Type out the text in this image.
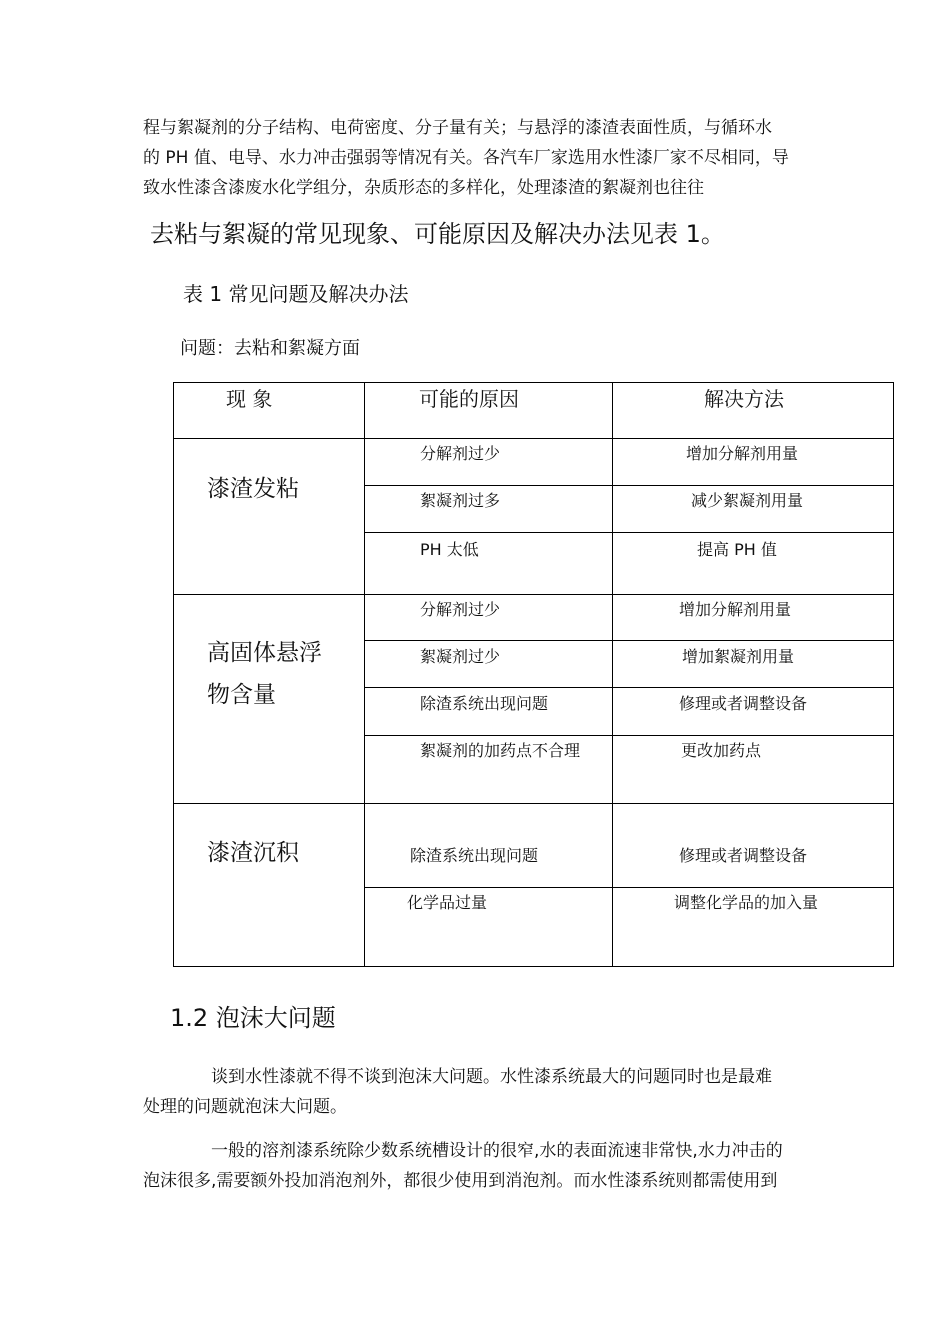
程与絮凝剂的分子结构、电荷密度、分子量有关；与悬浮的漆渣表面性质，与循环水
的 PH 值、电导、水力冲击强弱等情况有关。各汽车厂家选用水性漆厂家不尽相同，导
致水性漆含漆废水化学组分，杂质形态的多样化，处理漆渣的絮凝剂也往往
去粘与絮凝的常见现象、可能原因及解决办法见表 1。
表 1 常见问题及解决办法
问题：去粘和絮凝方面
现 象	可能的原因	解决方法
漆渣发粘
分解剂过少	增加分解剂用量
絮凝剂过多	减少絮凝剂用量
PH 太低	提高 PH 值
高固体悬浮
物含量
分解剂过少	增加分解剂用量
絮凝剂过少	增加絮凝剂用量
除渣系统出现问题	修理或者调整设备
絮凝剂的加药点不合理	更改加药点
漆渣沉积	除渣系统出现问题	修理或者调整设备
化学品过量	调整化学品的加入量
1.2 泡沫大问题
谈到水性漆就不得不谈到泡沫大问题。水性漆系统最大的问题同时也是最难
处理的问题就泡沫大问题。
一般的溶剂漆系统除少数系统槽设计的很窄,水的表面流速非常快,水力冲击的
泡沫很多,需要额外投加消泡剂外，都很少使用到消泡剂。而水性漆系统则都需使用到
